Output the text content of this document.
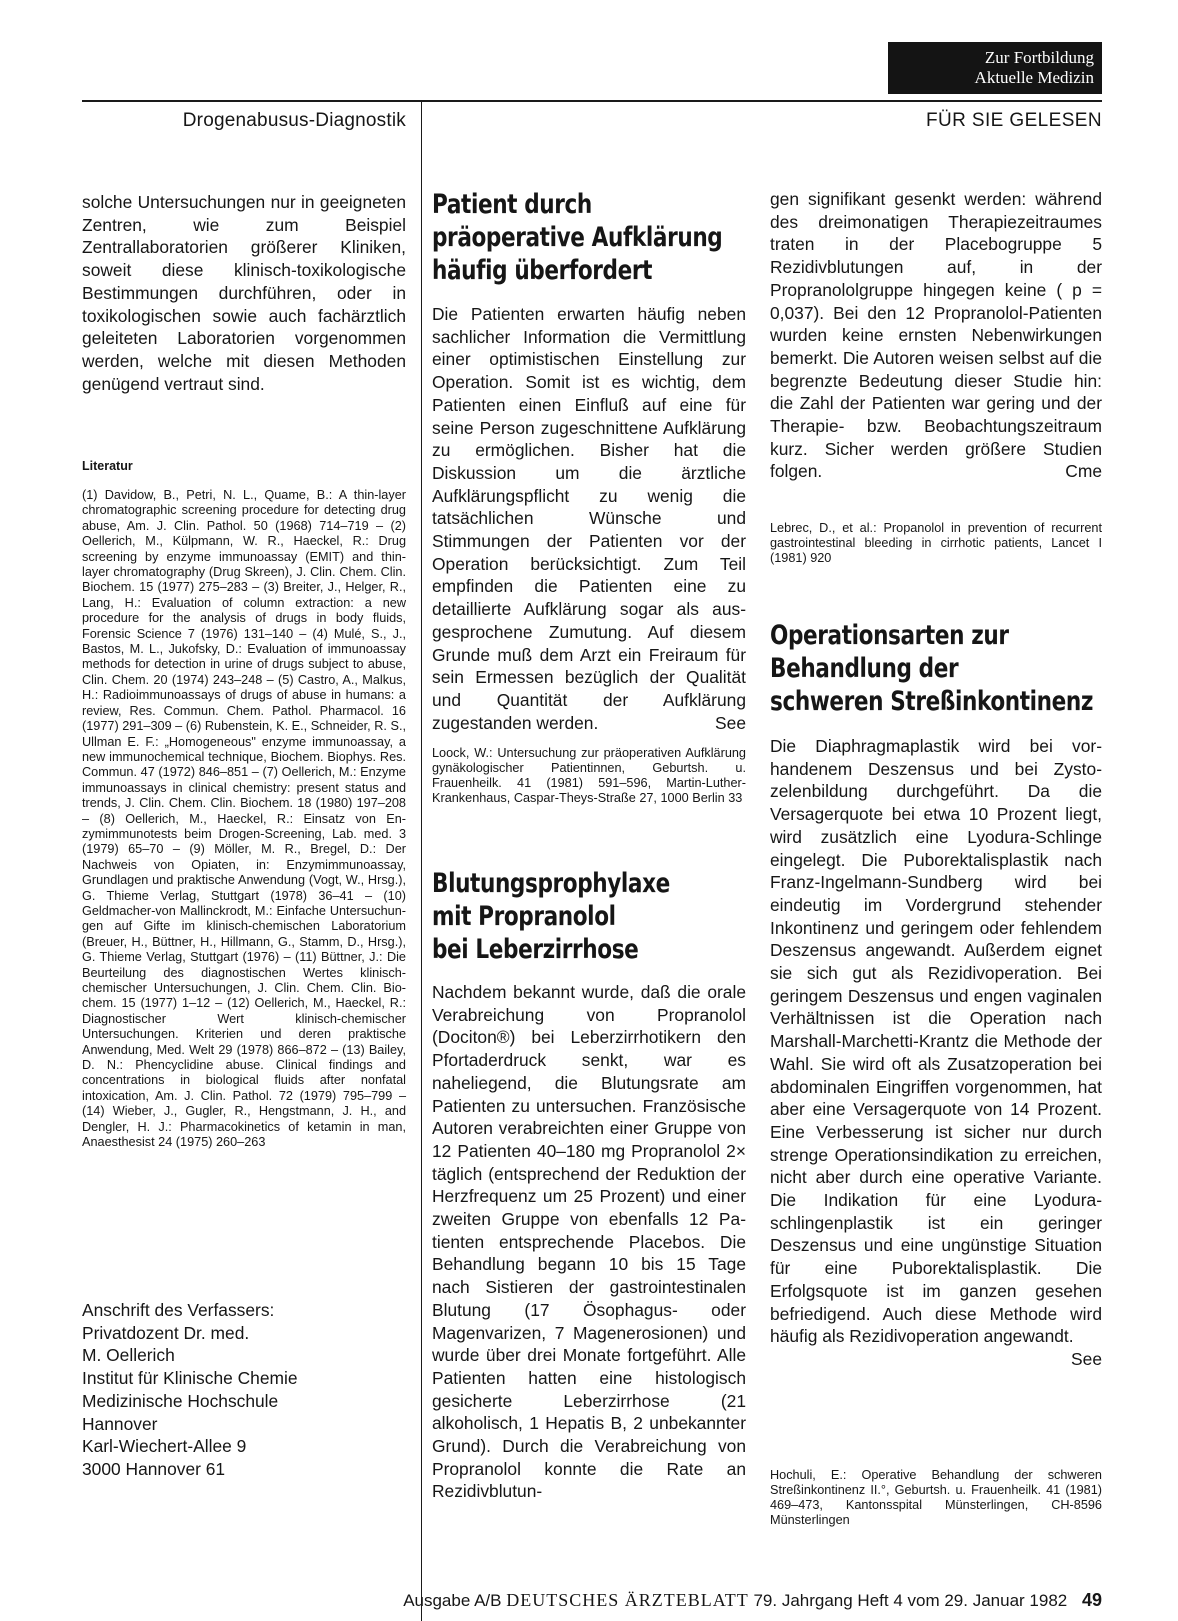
Zur Fortbildung
Aktuelle Medizin
Drogenabusus-Diagnostik	FÜR SIE GELESEN
solche Untersuchungen nur in geeigneten Zentren, wie zum Beispiel Zentrallaboratorien größerer Kliniken, soweit diese klinisch-toxikologische Bestimmungen durchführen, oder in toxikologischen sowie auch fachärztlich geleiteten Laboratorien vorgenommen werden, welche mit diesen Methoden genügend vertraut sind.
Literatur
(1) Davidow, B., Petri, N. L., Quame, B.: A thin-layer chromatographic screening procedure for detecting drug abuse, Am. J. Clin. Pathol. 50 (1968) 714–719 – (2) Oellerich, M., Külpmann, W. R., Haeckel, R.: Drug screening by enzyme immunoassay (EMIT) and thin-layer chromatography (Drug Skreen), J. Clin. Chem. Clin. Biochem. 15 (1977) 275–283 – (3) Breiter, J., Helger, R., Lang, H.: Evaluation of column extraction: a new procedure for the analysis of drugs in body fluids, Forensic Science 7 (1976) 131–140 – (4) Mulé, S., J., Bastos, M. L., Jukofsky, D.: Evaluation of immunoassay methods for detection in urine of drugs subject to abuse, Clin. Chem. 20 (1974) 243–248 – (5) Castro, A., Malkus, H.: Radioimmunoassays of drugs of abuse in humans: a review, Res. Commun. Chem. Pathol. Pharmacol. 16 (1977) 291–309 – (6) Rubenstein, K. E., Schneider, R. S., Ullman E. F.: „Homogeneous" enzyme immunoassay, a new immunochemical technique, Biochem. Biophys. Res. Commun. 47 (1972) 846–851 – (7) Oellerich, M.: Enzyme immunoassays in clinical chemistry: present status and trends, J. Clin. Chem. Clin. Biochem. 18 (1980) 197–208 – (8) Oellerich, M., Haeckel, R.: Einsatz von Enzymimmunotests beim Drogen-Screening, Lab. med. 3 (1979) 65–70 – (9) Möller, M. R., Bregel, D.: Der Nachweis von Opiaten, in: Enzymimmunoassay, Grundlagen und praktische Anwendung (Vogt, W., Hrsg.), G. Thieme Verlag, Stuttgart (1978) 36–41 – (10) Geldmacher-von Mallinckrodt, M.: Einfache Untersuchungen auf Gifte im klinisch-chemischen Laboratorium (Breuer, H., Büttner, H., Hillmann, G., Stamm, D., Hrsg.), G. Thieme Verlag, Stuttgart (1976) – (11) Büttner, J.: Die Beurteilung des diagnostischen Wertes klinisch-chemischer Untersuchungen, J. Clin. Chem. Clin. Biochem. 15 (1977) 1–12 – (12) Oellerich, M., Haeckel, R.: Diagnostischer Wert klinisch-chemischer Untersuchungen. Kriterien und deren praktische Anwendung, Med. Welt 29 (1978) 866–872 – (13) Bailey, D. N.: Phencyclidine abuse. Clinical findings and concentrations in biological fluids after nonfatal intoxication, Am. J. Clin. Pathol. 72 (1979) 795–799 – (14) Wieber, J., Gugler, R., Hengstmann, J. H., and Dengler, H. J.: Pharmacokinetics of ketamin in man, Anaesthesist 24 (1975) 260–263
Anschrift des Verfassers:
Privatdozent Dr. med.
M. Oellerich
Institut für Klinische Chemie
Medizinische Hochschule
Hannover
Karl-Wiechert-Allee 9
3000 Hannover 61
Patient durch
präoperative Aufklärung
häufig überfordert
Die Patienten erwarten häufig neben sachlicher Information die Vermittlung einer optimistischen Einstellung zur Operation. Somit ist es wichtig, dem Patienten einen Einfluß auf eine für seine Person zugeschnittene Aufklärung zu ermöglichen. Bisher hat die Diskussion um die ärztliche Aufklärungspflicht zu wenig die tatsächlichen Wünsche und Stimmungen der Patienten vor der Operation berücksichtigt. Zum Teil empfinden die Patienten eine zu detaillierte Aufklärung sogar als ausgesprochene Zumutung. Auf diesem Grunde muß dem Arzt ein Freiraum für sein Ermessen bezüglich der Qualität und Quantität der Aufklärung zugestanden werden.	See
Loock, W.: Untersuchung zur präoperativen Aufklärung gynäkologischer Patientinnen, Geburtsh. u. Frauenheilk. 41 (1981) 591–596, Martin-Luther-Krankenhaus, Caspar-Theys-Straße 27, 1000 Berlin 33
Blutungsprophylaxe
mit Propranolol
bei Leberzirrhose
Nachdem bekannt wurde, daß die orale Verabreichung von Propranolol (Dociton®) bei Leberzirrhotikern den Pfortaderdruck senkt, war es naheliegend, die Blutungsrate am Patienten zu untersuchen. Französische Autoren verabreichten einer Gruppe von 12 Patienten 40–180 mg Propranolol 2× täglich (entsprechend der Reduktion der Herzfrequenz um 25 Prozent) und einer zweiten Gruppe von ebenfalls 12 Patienten entsprechende Placebos. Die Behandlung begann 10 bis 15 Tage nach Sistieren der gastrointestinalen Blutung (17 Ösophagus- oder Magenvarizen, 7 Magenerosionen) und wurde über drei Monate fortgeführt. Alle Patienten hatten eine histologisch gesicherte Leberzirrhose (21 alkoholisch, 1 Hepatis B, 2 unbekannter Grund). Durch die Verabreichung von Propranolol konnte die Rate an Rezidivblutun-
gen signifikant gesenkt werden: während des dreimonatigen Therapiezeitraumes traten in der Placebogruppe 5 Rezidivblutungen auf, in der Propranololgruppe hingegen keine ( p = 0,037). Bei den 12 Propranolol-Patienten wurden keine ernsten Nebenwirkungen bemerkt. Die Autoren weisen selbst auf die begrenzte Bedeutung dieser Studie hin: die Zahl der Patienten war gering und der Therapie- bzw. Beobachtungszeitraum kurz. Sicher werden größere Studien folgen.	Cme
Lebrec, D., et al.: Propanolol in prevention of recurrent gastrointestinal bleeding in cirrhotic patients, Lancet I (1981) 920
Operationsarten zur
Behandlung der
schweren Streßinkontinenz
Die Diaphragmaplastik wird bei vorhandenem Deszensus und bei Zystozelenbildung durchgeführt. Da die Versagerquote bei etwa 10 Prozent liegt, wird zusätzlich eine Lyodura-Schlinge eingelegt. Die Puborektalisplastik nach Franz-Ingelmann-Sundberg wird bei eindeutig im Vordergrund stehender Inkontinenz und geringem oder fehlendem Deszensus angewandt. Außerdem eignet sie sich gut als Rezidivoperation. Bei geringem Deszensus und engen vaginalen Verhältnissen ist die Operation nach Marshall-Marchetti-Krantz die Methode der Wahl. Sie wird oft als Zusatzoperation bei abdominalen Eingriffen vorgenommen, hat aber eine Versagerquote von 14 Prozent. Eine Verbesserung ist sicher nur durch strenge Operationsindikation zu erreichen, nicht aber durch eine operative Variante. Die Indikation für eine Lyoduraschlingenplastik ist ein geringer Deszensus und eine ungünstige Situation für eine Puborektalisplastik. Die Erfolgsquote ist im ganzen gesehen befriedigend. Auch diese Methode wird häufig als Rezidivoperation angewandt.
See
Hochuli, E.: Operative Behandlung der schweren Streßinkontinenz II.°, Geburtsh. u. Frauenheilk. 41 (1981) 469–473, Kantonsspital Münsterlingen, CH-8596 Münsterlingen
Ausgabe A/B DEUTSCHES ÄRZTEBLATT 79. Jahrgang Heft 4 vom 29. Januar 1982 49
